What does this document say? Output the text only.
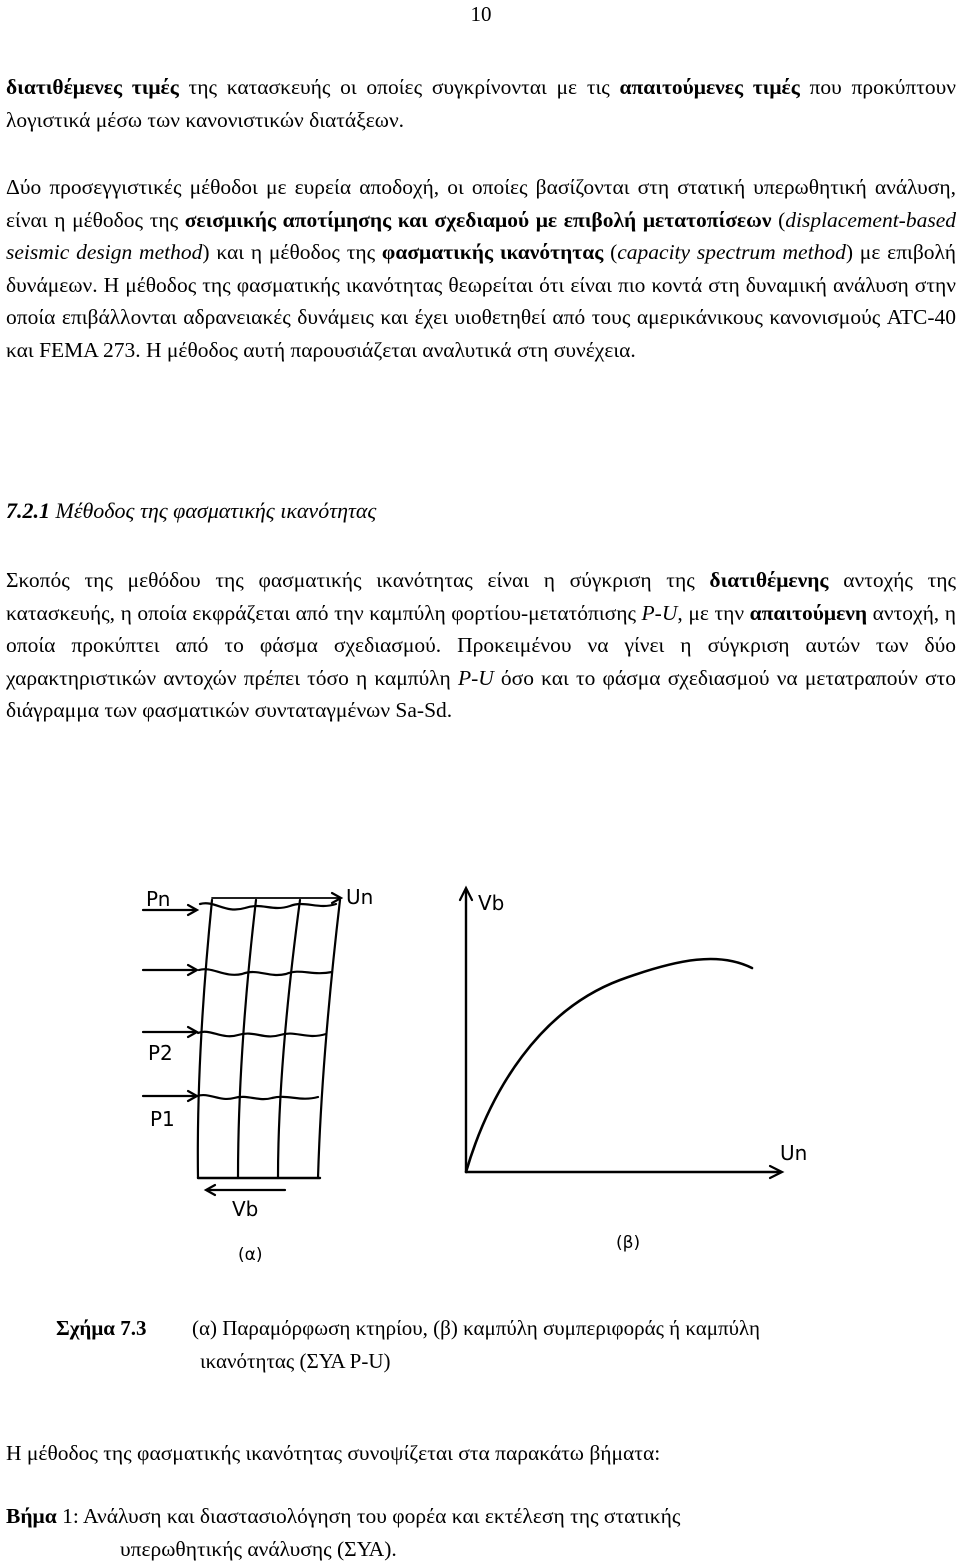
10
διατιθέμενες τιμές της κατασκευής οι οποίες συγκρίνονται με τις απαιτούμενες τιμές που προκύπτουν λογιστικά μέσω των κανονιστικών διατάξεων.
Δύο προσεγγιστικές μέθοδοι με ευρεία αποδοχή, οι οποίες βασίζονται στη στατική υπερωθητική ανάλυση, είναι η μέθοδος της σεισμικής αποτίμησης και σχεδιαμού με επιβολή μετατοπίσεων (displacement-based seismic design method) και η μέθοδος της φασματικής ικανότητας (capacity spectrum method) με επιβολή δυνάμεων. Η μέθοδος της φασματικής ικανότητας θεωρείται ότι είναι πιο κοντά στη δυναμική ανάλυση στην οποία επιβάλλονται αδρανειακές δυνάμεις και έχει υιοθετηθεί από τους αμερικάνικους κανονισμούς ATC-40 και FEMA 273. Η μέθοδος αυτή παρουσιάζεται αναλυτικά στη συνέχεια.
7.2.1 Μέθοδος της φασματικής ικανότητας
Σκοπός της μεθόδου της φασματικής ικανότητας είναι η σύγκριση της διατιθέμενης αντοχής της κατασκευής, η οποία εκφράζεται από την καμπύλη φορτίου-μετατόπισης P-U, με την απαιτούμενη αντοχή, η οποία προκύπτει από το φάσμα σχεδιασμού. Προκειμένου να γίνει η σύγκριση αυτών των δύο χαρακτηριστικών αντοχών πρέπει τόσο η καμπύλη P-U όσο και το φάσμα σχεδιασμού να μετατραπούν στο διάγραμμα των φασματικών συνταταγμένων Sa-Sd.
Pn
P2
P1
Un
Vb
(α)
Vb
Un
(β)
Σχήμα 7.3 (α) Παραμόρφωση κτηρίου, (β) καμπύλη συμπεριφοράς ή καμπύλη
ικανότητας (ΣΥΑ P-U)
Η μέθοδος της φασματικής ικανότητας συνοψίζεται στα παρακάτω βήματα:
Βήμα 1: Ανάλυση και διαστασιολόγηση του φορέα και εκτέλεση της στατικής
υπερωθητικής ανάλυσης (ΣΥΑ).
